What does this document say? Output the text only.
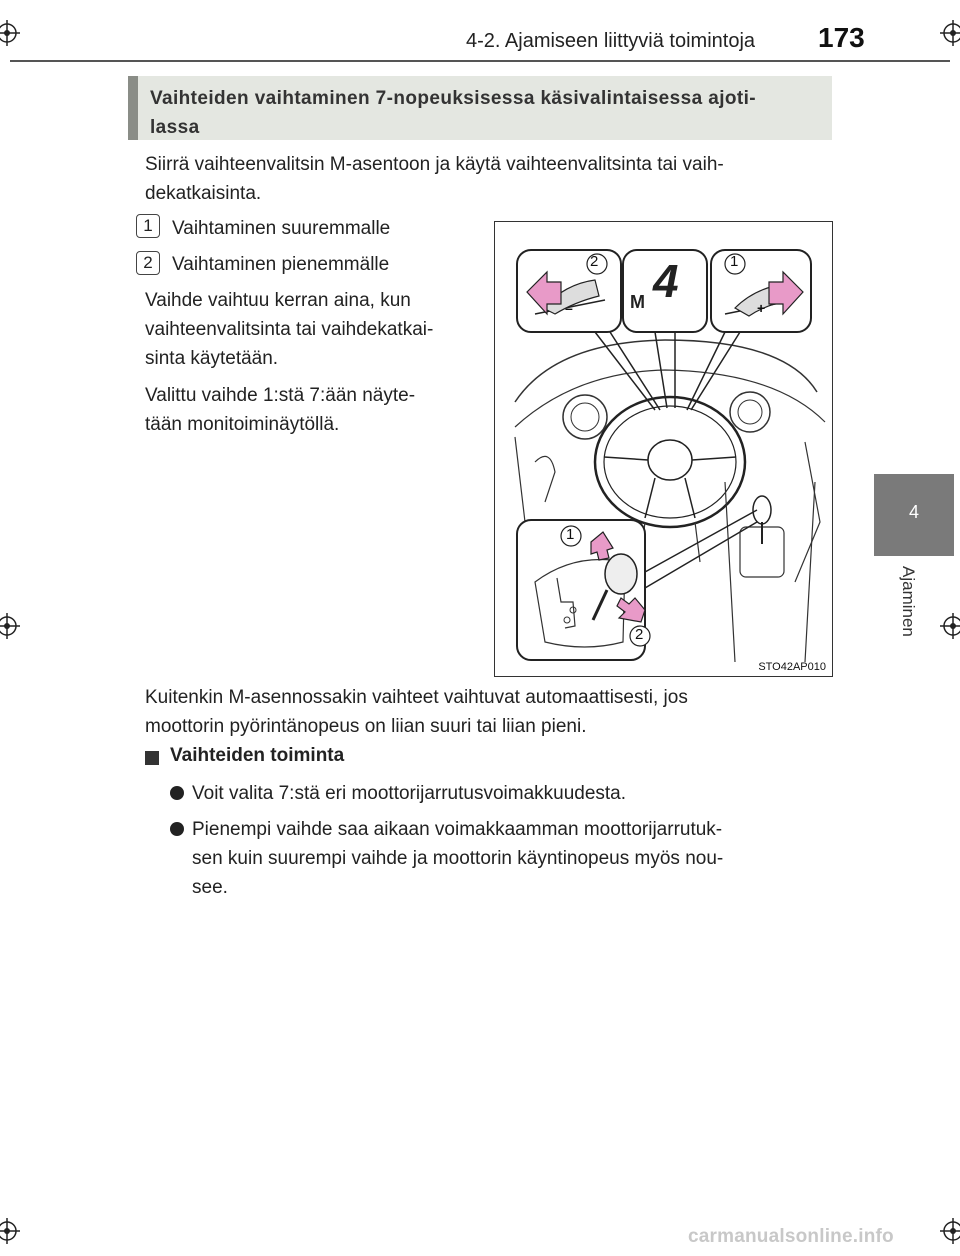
4-2. Ajamiseen liittyviä toimintoja 173
4
Ajaminen
Vaihteiden vaihtaminen 7-nopeuksisessa käsivalintaisessa ajoti-
lassa
Siirrä vaihteenvalitsin M-asentoon ja käytä vaihteenvalitsinta tai vaih-
dekatkaisinta.
1	Vaihtaminen suuremmalle
2	Vaihtaminen pienemmälle
Vaihde vaihtuu kerran aina, kun
vaihteenvalitsinta tai vaihdekatkai-
sinta käytetään.
Valittu vaihde 1:stä 7:ään näyte-
tään monitoiminäytöllä.
2	1
–	+
4
M
1
2
STO42AP010
Kuitenkin M-asennossakin vaihteet vaihtuvat automaattisesti, jos
moottorin pyörintänopeus on liian suuri tai liian pieni.
Vaihteiden toiminta
Voit valita 7:stä eri moottorijarrutusvoimakkuudesta.
Pienempi vaihde saa aikaan voimakkaamman moottorijarrutuk-
sen kuin suurempi vaihde ja moottorin käyntinopeus myös nou-
see.
carmanualsonline.info
